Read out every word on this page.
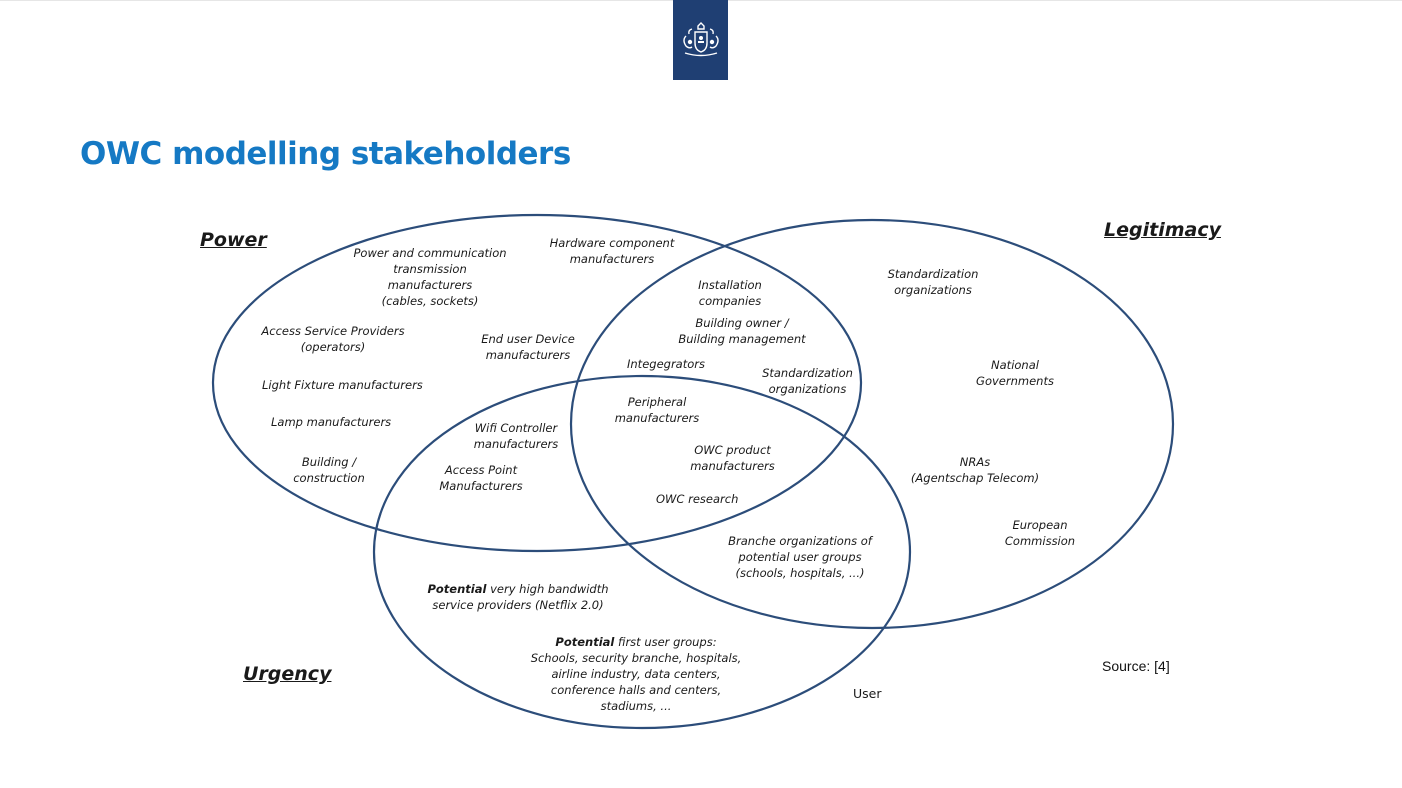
OWC modelling stakeholders
Power	Legitimacy
Urgency
Power and communication
transmission
manufacturers
(cables, sockets)
Hardware component
manufacturers
Access Service Providers
(operators)
End user Device
manufacturers
Light Fixture manufacturers
Lamp manufacturers
Building /
construction
Installation
companies
Building owner /
Building management
Integegrators
Standardization
organizations
Standardization
organizations
National
Governments
NRAs
(Agentschap Telecom)
European
Commission
Wifi Controller
manufacturers
Access Point
Manufacturers
Peripheral
manufacturers
OWC product
manufacturers
OWC research
Branche organizations of
potential user groups
(schools, hospitals, ...)
Potential very high bandwidth
service providers (Netflix 2.0)
Potential first user groups:
Schools, security branche, hospitals,
airline industry, data centers,
conference halls and centers,
stadiums, ...
User
Source: [4]
